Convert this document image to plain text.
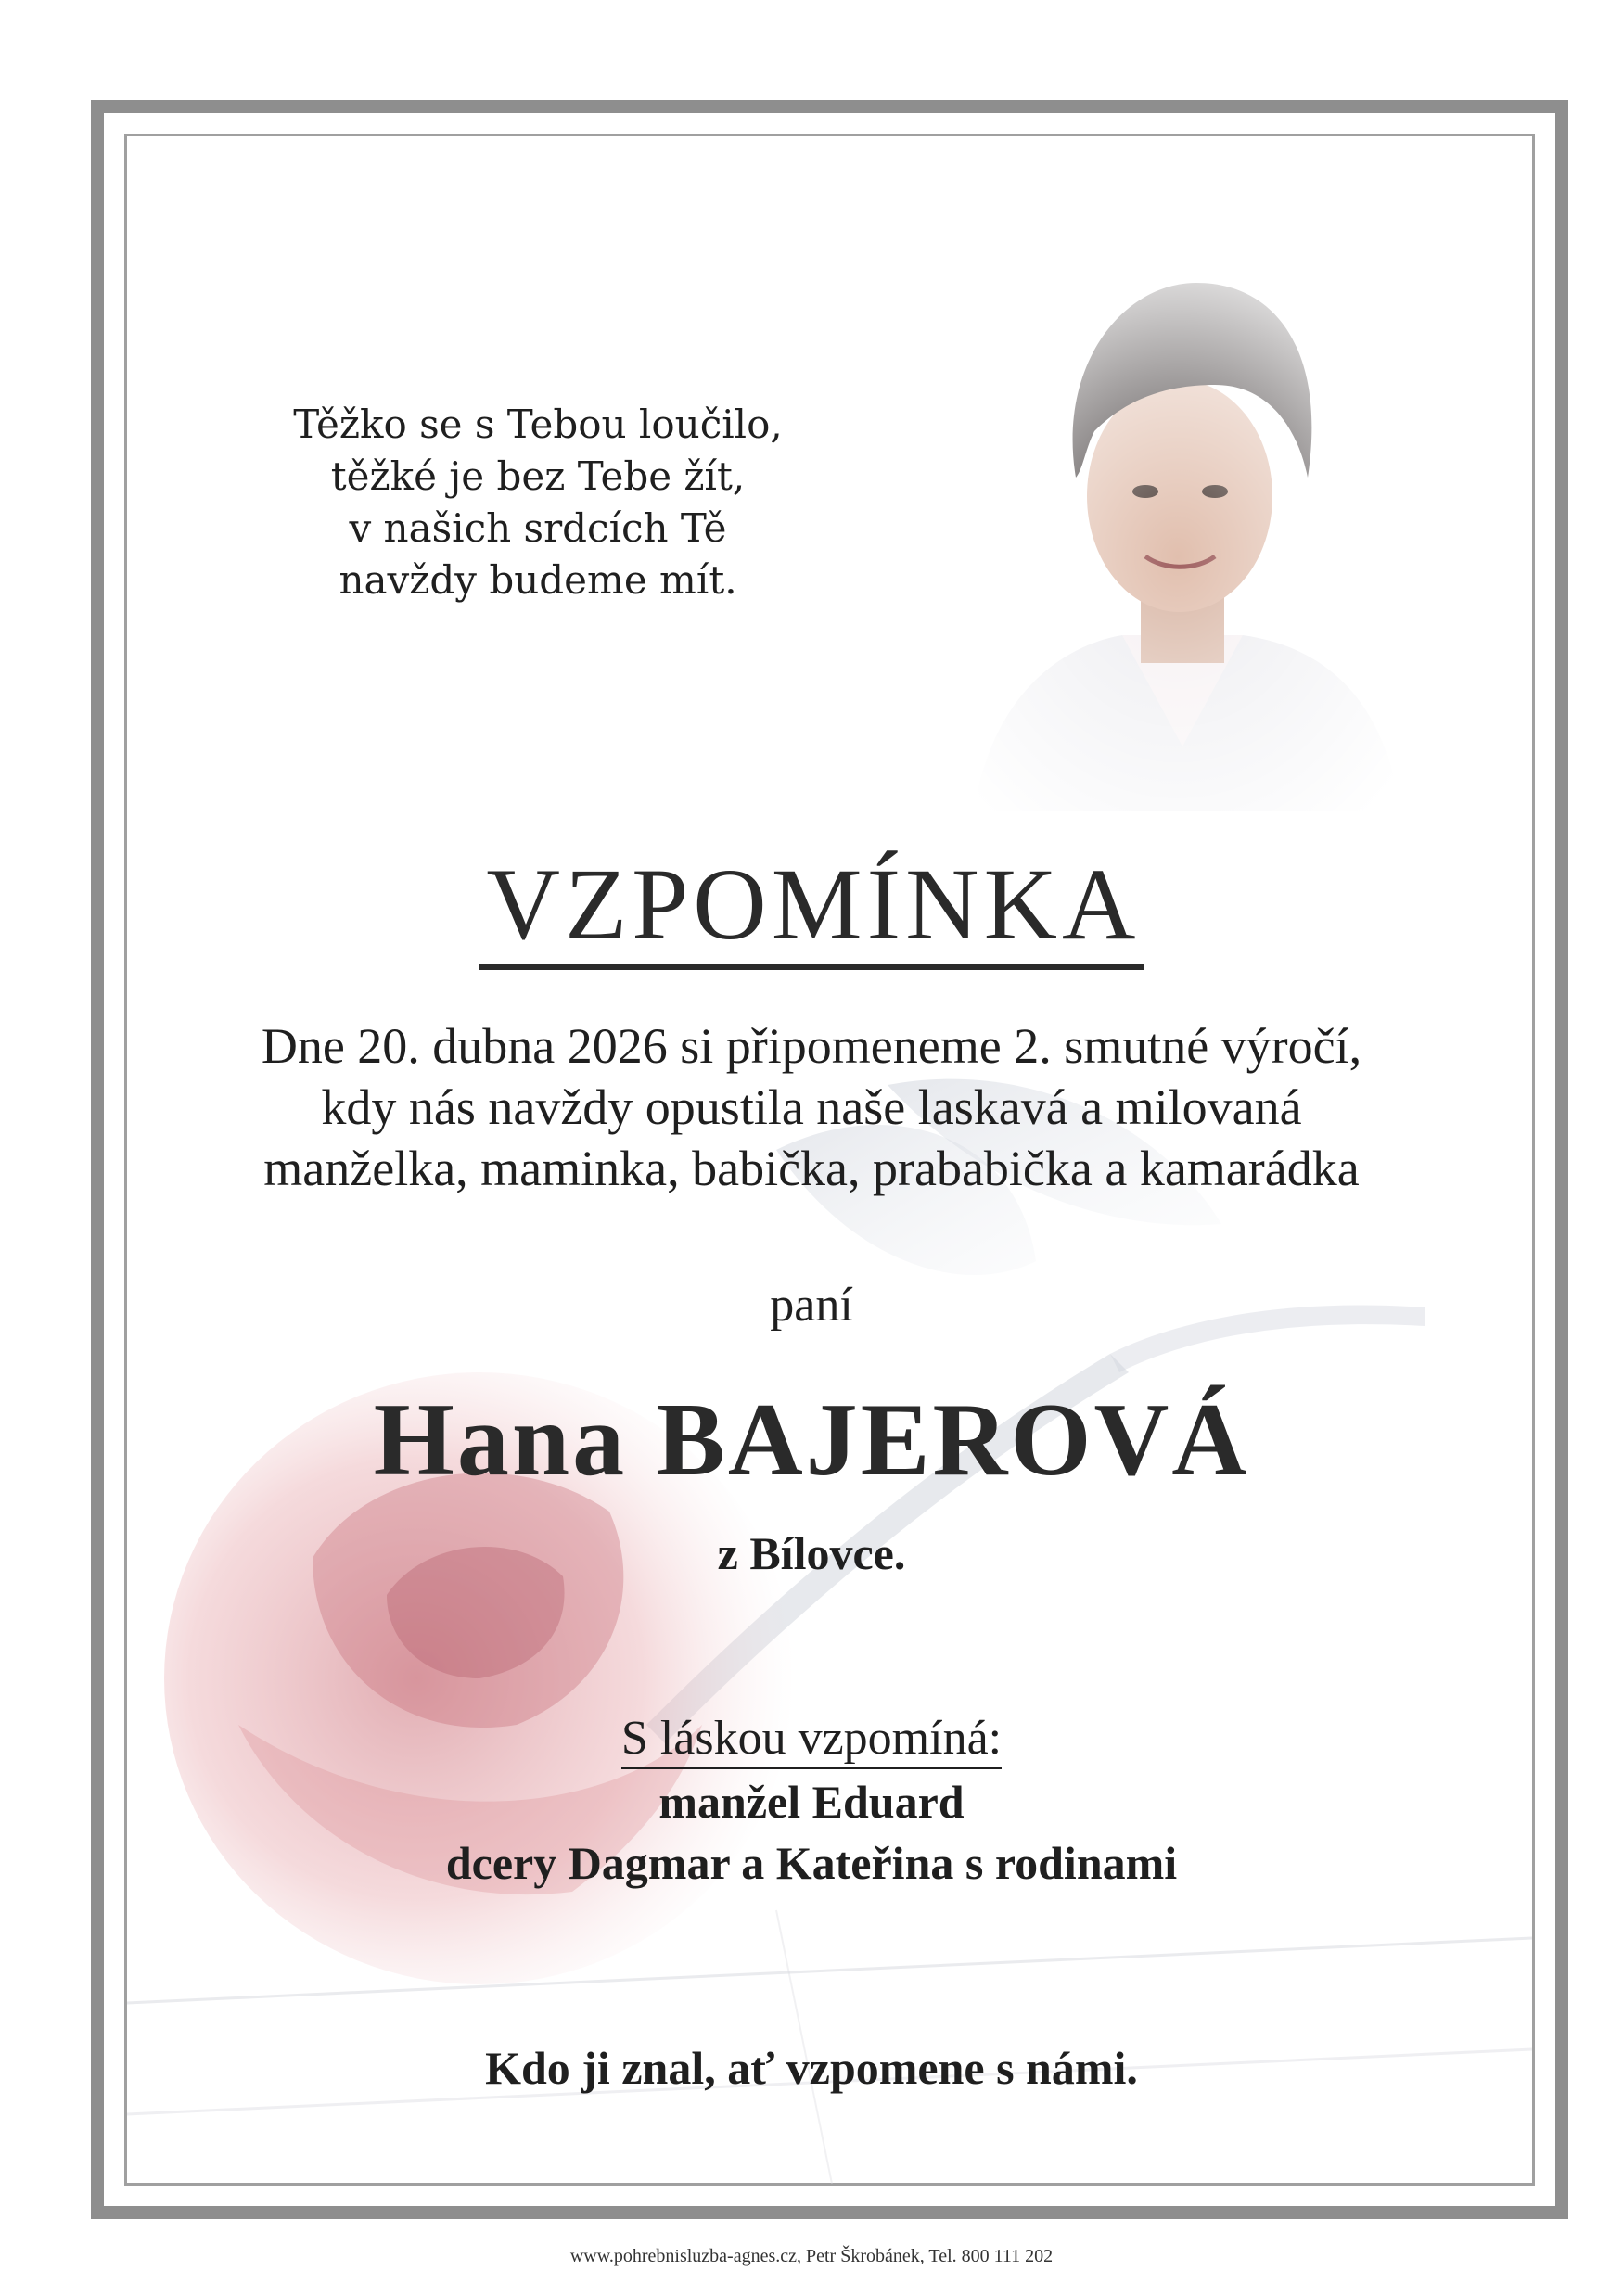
Těžko se s Tebou loučilo,
těžké je bez Tebe žít,
v našich srdcích Tě
navždy budeme mít.
VZPOMÍNKA
Dne 20. dubna 2026 si připomeneme 2. smutné výročí,
kdy nás navždy opustila naše laskavá a milovaná
manželka, maminka, babička, prababička a kamarádka
paní
Hana BAJEROVÁ
z Bílovce.
S láskou vzpomíná:
manžel Eduard
dcery Dagmar a Kateřina s rodinami
Kdo ji znal, ať vzpomene s námi.
www.pohrebnisluzba-agnes.cz, Petr Škrobánek, Tel. 800 111 202
